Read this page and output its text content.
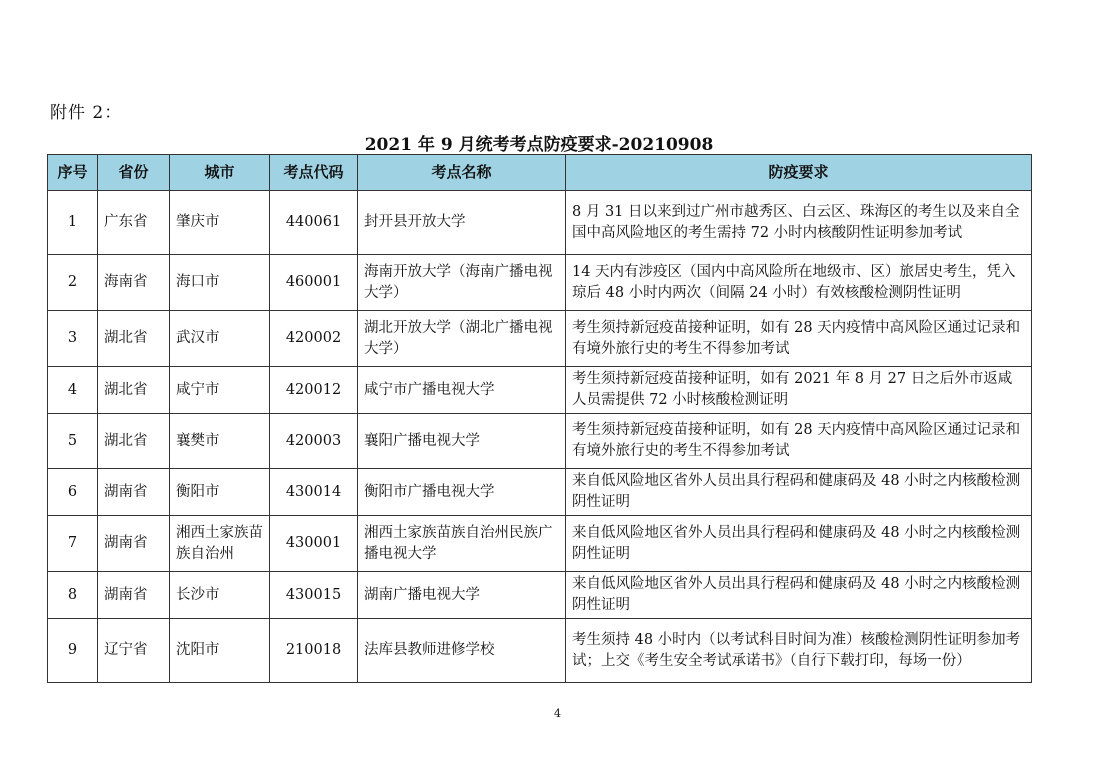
附件 2：
2021 年 9 月统考考点防疫要求-20210908
序号	省份	城市	考点代码	考点名称	防疫要求
1	广东省	肇庆市	440061	封开县开放大学	8 月 31 日以来到过广州市越秀区、白云区、珠海区的考生以及来自全国中高风险地区的考生需持 72 小时内核酸阴性证明参加考试
2	海南省	海口市	460001	海南开放大学（海南广播电视大学）	14 天内有涉疫区（国内中高风险所在地级市、区）旅居史考生，凭入琼后 48 小时内两次（间隔 24 小时）有效核酸检测阴性证明
3	湖北省	武汉市	420002	湖北开放大学（湖北广播电视大学）	考生须持新冠疫苗接种证明，如有 28 天内疫情中高风险区通过记录和有境外旅行史的考生不得参加考试
4	湖北省	咸宁市	420012	咸宁市广播电视大学	考生须持新冠疫苗接种证明，如有 2021 年 8 月 27 日之后外市返咸人员需提供 72 小时核酸检测证明
5	湖北省	襄樊市	420003	襄阳广播电视大学	考生须持新冠疫苗接种证明，如有 28 天内疫情中高风险区通过记录和有境外旅行史的考生不得参加考试
6	湖南省	衡阳市	430014	衡阳市广播电视大学	来自低风险地区省外人员出具行程码和健康码及 48 小时之内核酸检测阴性证明
7	湖南省	湘西土家族苗族自治州	430001	湘西土家族苗族自治州民族广播电视大学	来自低风险地区省外人员出具行程码和健康码及 48 小时之内核酸检测阴性证明
8	湖南省	长沙市	430015	湖南广播电视大学	来自低风险地区省外人员出具行程码和健康码及 48 小时之内核酸检测阴性证明
9	辽宁省	沈阳市	210018	法库县教师进修学校	考生须持 48 小时内（以考试科目时间为准）核酸检测阴性证明参加考试；上交《考生安全考试承诺书》（自行下载打印，每场一份）
4
